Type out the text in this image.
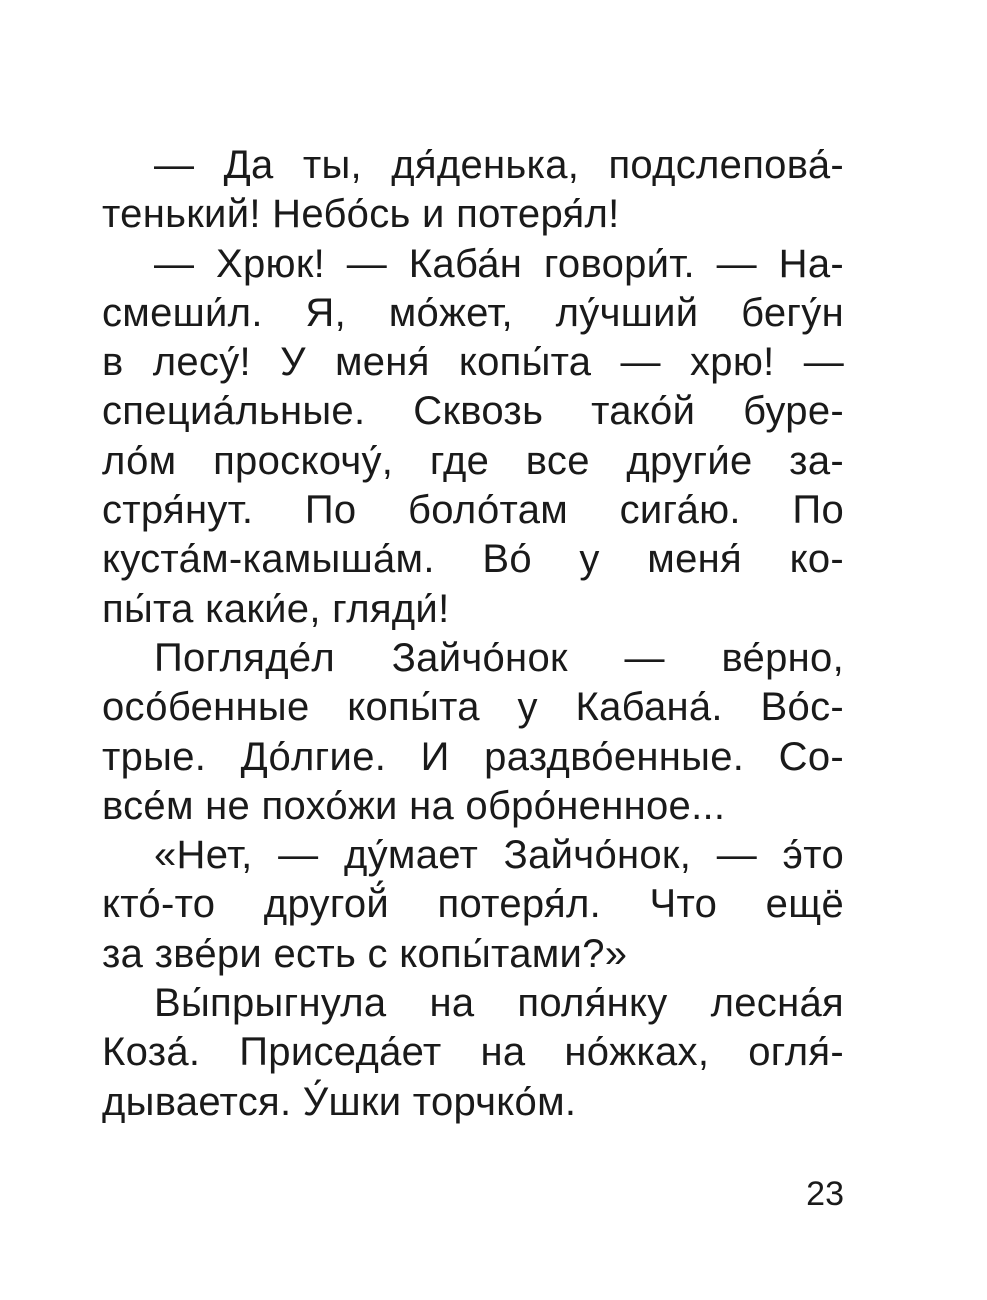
— Да ты, дя́денька, подслепова́-
тенький! Небо́сь и потеря́л!
— Хрюк! — Каба́н говори́т. — На-
смеши́л. Я, мо́жет, лу́чший бегу́н
в лесу́! У меня́ копы́та — хрю! —
специа́льные. Сквозь тако́й буре-
ло́м проскочу́, где все други́е за-
стря́нут. По боло́там сига́ю. По
куста́м-камыша́м. Во́ у меня́ ко-
пы́та каки́е, гляди́!
Погляде́л Зайчо́нок — ве́рно,
осо́бенные копы́та у Кабана́. Во́с-
трые. До́лгие. И раздво́енные. Со-
все́м не похо́жи на обро́ненное...
«Нет, — ду́мает Зайчо́нок, — э́то
кто́-то другой́ потеря́л. Что ещё
за зве́ри есть с копы́тами?»
Вы́прыгнула на поля́нку лесна́я
Коза́. Приседа́ет на но́жках, огля́-
дывается. У́шки торчко́м.
23
